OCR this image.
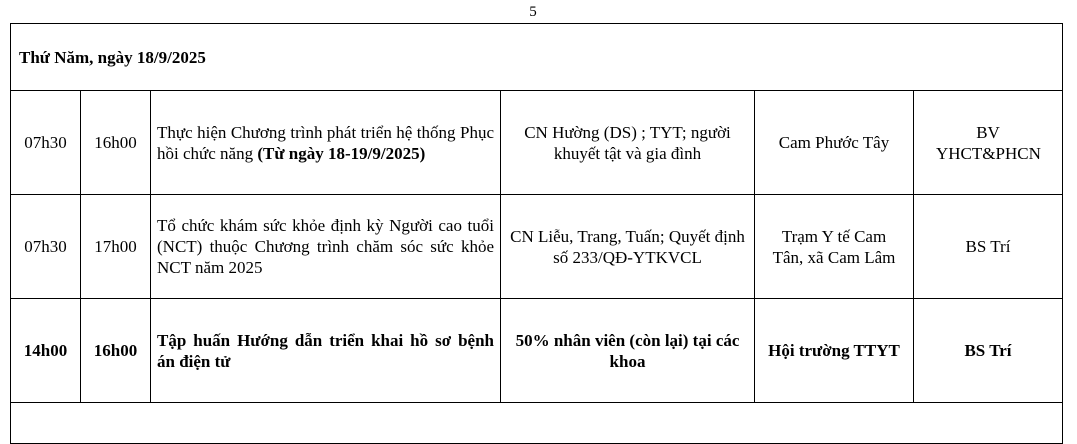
5
Thứ Năm, ngày 18/9/2025					
07h30	16h00	Thực hiện Chương trình phát triển hệ thống Phục hồi chức năng (Từ ngày 18-19/9/2025)	CN Hường (DS) ; TYT; người khuyết tật và gia đình	Cam Phước Tây	BV YHCT&PHCN
07h30	17h00	Tổ chức khám sức khỏe định kỳ Người cao tuổi (NCT) thuộc Chương trình chăm sóc sức khỏe NCT năm 2025	CN Liễu, Trang, Tuấn; Quyết định số 233/QĐ-YTKVCL	Trạm Y tế Cam Tân, xã Cam Lâm	BS Trí
14h00	16h00	Tập huấn Hướng dẫn triển khai hồ sơ bệnh án điện tử	50% nhân viên (còn lại) tại các khoa	Hội trường TTYT	BS Trí
